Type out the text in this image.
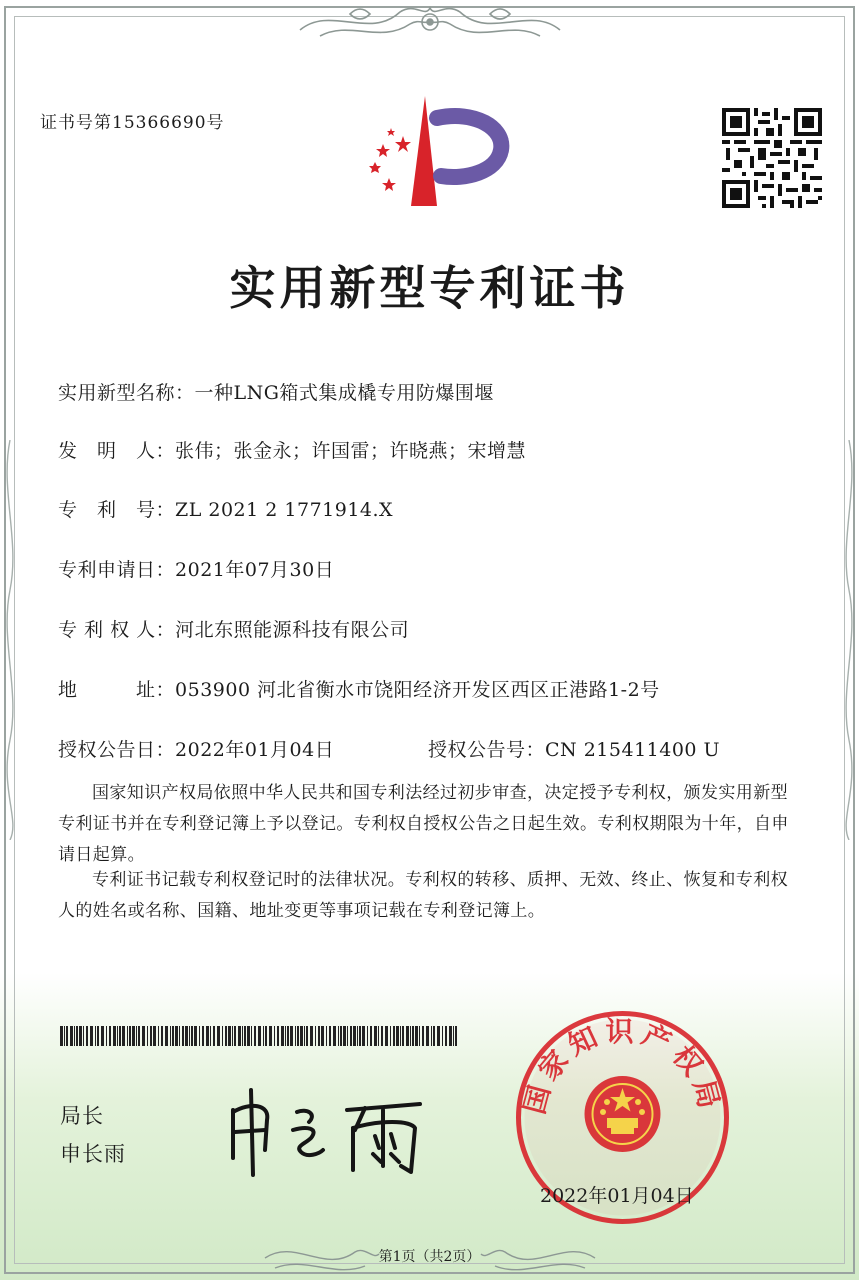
证书号第15366690号
实用新型专利证书
实用新型名称：一种LNG箱式集成橇专用防爆围堰
发　明　人：张伟；张金永；许国雷；许晓燕；宋增慧
专　利　号：ZL 2021 2 1771914.X
专利申请日：2021年07月30日
专 利 权 人：河北东照能源科技有限公司
地　　　址：053900 河北省衡水市饶阳经济开发区西区正港路1-2号
授权公告日：2022年01月04日	授权公告号：CN 215411400 U
国家知识产权局依照中华人民共和国专利法经过初步审查，决定授予专利权，颁发实用新型专利证书并在专利登记簿上予以登记。专利权自授权公告之日起生效。专利权期限为十年，自申请日起算。
专利证书记载专利权登记时的法律状况。专利权的转移、质押、无效、终止、恢复和专利权人的姓名或名称、国籍、地址变更等事项记载在专利登记簿上。
局长
申长雨
国家知识产权局
2022年01月04日
第1页（共2页）
